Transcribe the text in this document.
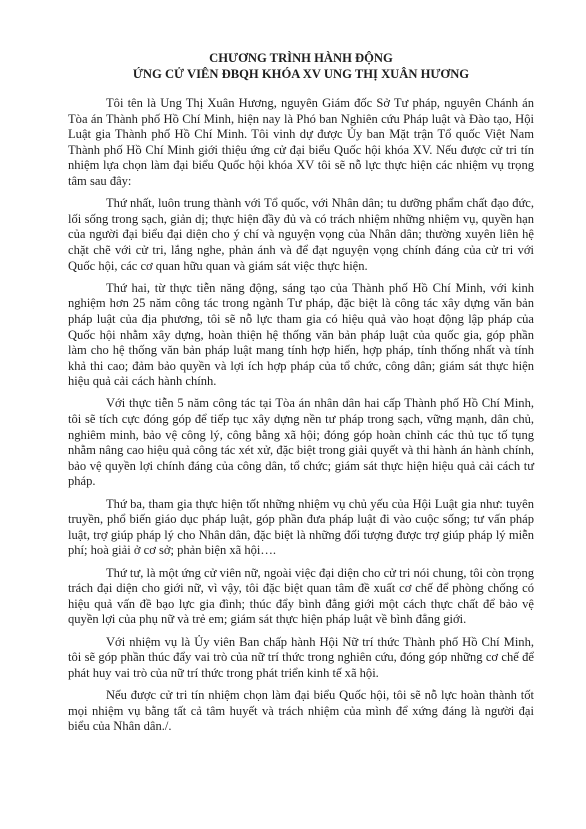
CHƯƠNG TRÌNH HÀNH ĐỘNG
ỨNG CỬ VIÊN ĐBQH KHÓA XV UNG THỊ XUÂN HƯƠNG

Tôi tên là Ung Thị Xuân Hương, nguyên Giám đốc Sở Tư pháp, nguyên Chánh án Tòa án Thành phố Hồ Chí Minh, hiện nay là Phó ban Nghiên cứu Pháp luật và Đào tạo, Hội Luật gia Thành phố Hồ Chí Minh. Tôi vinh dự được Ủy ban Mặt trận Tổ quốc Việt Nam Thành phố Hồ Chí Minh giới thiệu ứng cử đại biểu Quốc hội khóa XV. Nếu được cử tri tín nhiệm lựa chọn làm đại biểu Quốc hội khóa XV tôi sẽ nỗ lực thực hiện các nhiệm vụ trọng tâm sau đây:

Thứ nhất, luôn trung thành với Tổ quốc, với Nhân dân; tu dưỡng phẩm chất đạo đức, lối sống trong sạch, giản dị; thực hiện đầy đủ và có trách nhiệm những nhiệm vụ, quyền hạn của người đại biểu đại diện cho ý chí và nguyện vọng của Nhân dân; thường xuyên liên hệ chặt chẽ với cử tri, lắng nghe, phản ánh và để đạt nguyện vọng chính đáng của cử tri với Quốc hội, các cơ quan hữu quan và giám sát việc thực hiện.

Thứ hai, từ thực tiễn năng động, sáng tạo của Thành phố Hồ Chí Minh, với kinh nghiệm hơn 25 năm công tác trong ngành Tư pháp, đặc biệt là công tác xây dựng văn bản pháp luật của địa phương, tôi sẽ nỗ lực tham gia có hiệu quả vào hoạt động lập pháp của Quốc hội nhằm xây dựng, hoàn thiện hệ thống văn bản pháp luật của quốc gia, góp phần làm cho hệ thống văn bản pháp luật mang tính hợp hiến, hợp pháp, tính thống nhất và tính khả thi cao; đảm bảo quyền và lợi ích hợp pháp của tổ chức, công dân; giám sát thực hiện hiệu quả cải cách hành chính.

Với thực tiễn 5 năm công tác tại Tòa án nhân dân hai cấp Thành phố Hồ Chí Minh, tôi sẽ tích cực đóng góp để tiếp tục xây dựng nền tư pháp trong sạch, vững mạnh, dân chủ, nghiêm minh, bảo vệ công lý, công bằng xã hội; đóng góp hoàn chỉnh các thủ tục tố tụng nhằm nâng cao hiệu quả công tác xét xử, đặc biệt trong giải quyết và thi hành án hành chính, bảo vệ quyền lợi chính đáng của công dân, tổ chức; giám sát thực hiện hiệu quả cải cách tư pháp.

Thứ ba, tham gia thực hiện tốt những nhiệm vụ chủ yếu của Hội Luật gia như: tuyên truyền, phổ biến giáo dục pháp luật, góp phần đưa pháp luật đi vào cuộc sống; tư vấn pháp luật, trợ giúp pháp lý cho Nhân dân, đặc biệt là những đối tượng được trợ giúp pháp lý miễn phí; hoà giải ở cơ sở; phản biện xã hội….

Thứ tư, là một ứng cử viên nữ, ngoài việc đại diện cho cử tri nói chung, tôi còn trọng trách đại diện cho giới nữ, vì vậy, tôi đặc biệt quan tâm đề xuất cơ chế để phòng chống có hiệu quả vấn đề bạo lực gia đình; thúc đẩy bình đẳng giới một cách thực chất để bảo vệ quyền lợi của phụ nữ và trẻ em; giám sát thực hiện pháp luật về bình đẳng giới.

Với nhiệm vụ là Ủy viên Ban chấp hành Hội Nữ trí thức Thành phố Hồ Chí Minh, tôi sẽ góp phần thúc đẩy vai trò của nữ trí thức trong nghiên cứu, đóng góp những cơ chế để phát huy vai trò của nữ trí thức trong phát triển kinh tế xã hội.

Nếu được cử tri tín nhiệm chọn làm đại biểu Quốc hội, tôi sẽ nỗ lực hoàn thành tốt mọi nhiệm vụ bằng tất cả tâm huyết và trách nhiệm của mình để xứng đáng là người đại biểu của Nhân dân./.
